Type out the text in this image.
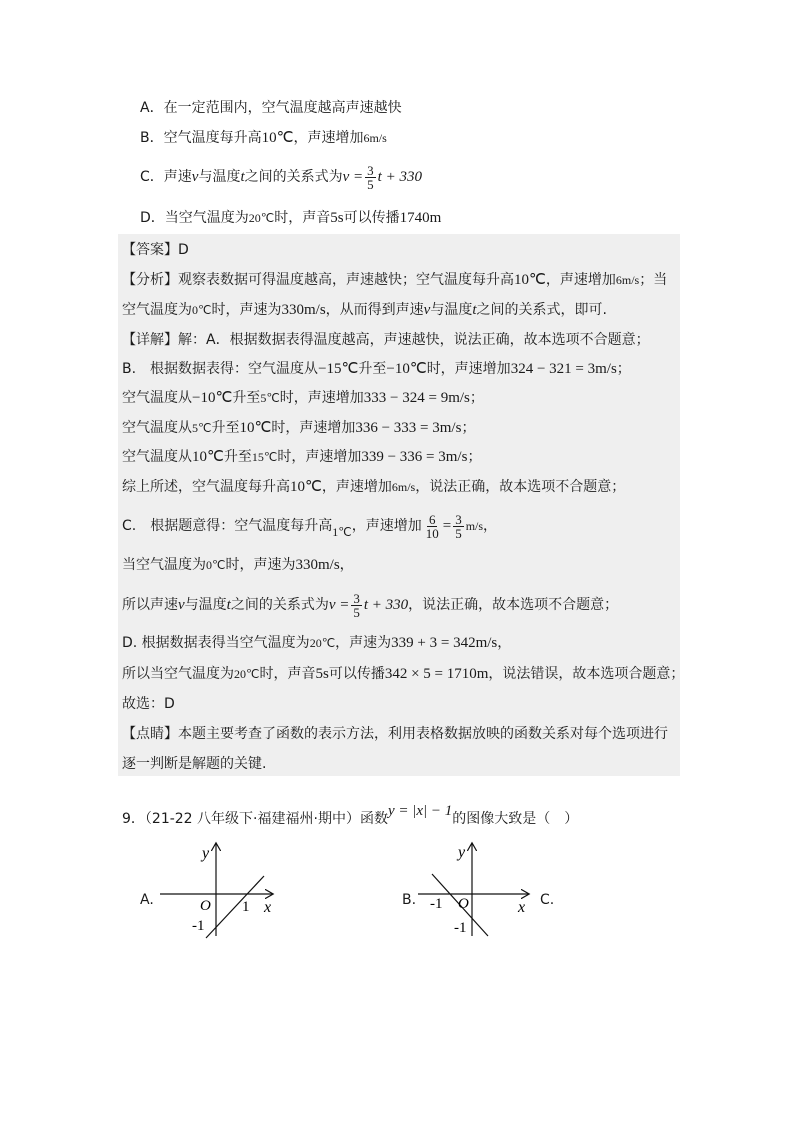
A．在一定范围内，空气温度越高声速越快
B．空气温度每升高10℃，声速增加6m/s
C．声速v与温度t之间的关系式为$v = \frac{3}{5}$ t + 330
D．当空气温度为20℃时，声音5s可以传播1740m
【答案】D
【分析】观察表数据可得温度越高，声速越快；空气温度每升高10℃，声速增加6m/s；当
空气温度为0℃时，声速为330m/s，从而得到声速v与温度t之间的关系式，即可.
【详解】解：A．根据数据表得温度越高，声速越快，说法正确，故本选项不合题意；
B.　根据数据表得：空气温度从−15℃升至−10℃时，声速增加324 − 321 = 3m/s；
空气温度从−10℃升至5℃时，声速增加333 − 324 = 9m/s；
空气温度从5℃升至10℃时，声速增加336 − 333 = 3m/s；
空气温度从10℃升至15℃时，声速增加339 − 336 = 3m/s；
综上所述，空气温度每升高10℃，声速增加6m/s，说法正确，故本选项不合题意；
C.　根据题意得：空气温度每升高1℃，声速增加 $\frac{6}{10} = \frac{3}{5} m/s$，
当空气温度为0℃时，声速为330m/s，
所以声速v与温度t之间的关系式为$v = \frac{3}{5}$ t + 330，说法正确，故本选项不合题意；
D. 根据数据表得当空气温度为20℃，声速为339 + 3 = 342m/s，
所以当空气温度为20℃时，声音5s可以传播342 × 5 = 1710m，说法错误，故本选项合题意；
故选：D
【点睛】本题主要考查了函数的表示方法，利用表格数据放映的函数关系对每个选项进行
逐一判断是解题的关键.
9．（21-22 八年级下·福建福州·期中）函数y = |x| − 1的图像大致是（　）
A.
y
x
O 1
-1
B.
y
x
-1 O
-1
C.
